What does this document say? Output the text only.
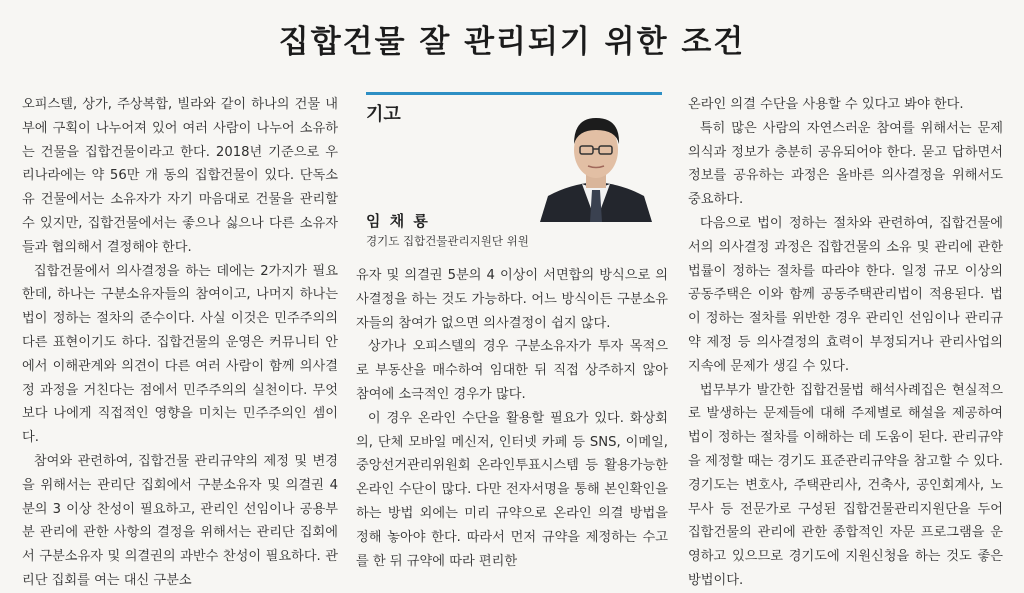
집합건물 잘 관리되기 위한 조건

오피스텔, 상가, 주상복합, 빌라와 같이 하나의 건물 내부에 구획이 나누어져 있어 여러 사람이 나누어 소유하는 건물을 집합건물이라고 한다. 2018년 기준으로 우리나라에는 약 56만 개 동의 집합건물이 있다. 단독소유 건물에서는 소유자가 자기 마음대로 건물을 관리할 수 있지만, 집합건물에서는 좋으나 싫으나 다른 소유자들과 협의해서 결정해야 한다.

집합건물에서 의사결정을 하는 데에는 2가지가 필요한데, 하나는 구분소유자들의 참여이고, 나머지 하나는 법이 정하는 절차의 준수이다. 사실 이것은 민주주의의 다른 표현이기도 하다. 집합건물의 운영은 커뮤니티 안에서 이해관계와 의견이 다른 여러 사람이 함께 의사결정 과정을 거친다는 점에서 민주주의의 실천이다. 무엇보다 나에게 직접적인 영향을 미치는 민주주의인 셈이다.

참여와 관련하여, 집합건물 관리규약의 제정 및 변경을 위해서는 관리단 집회에서 구분소유자 및 의결권 4분의 3 이상 찬성이 필요하고, 관리인 선임이나 공용부분 관리에 관한 사항의 결정을 위해서는 관리단 집회에서 구분소유자 및 의결권의 과반수 찬성이 필요하다. 관리단 집회를 여는 대신 구분소

기고
임 채 룡
경기도 집합건물관리지원단 위원

유자 및 의결권 5분의 4 이상이 서면합의 방식으로 의사결정을 하는 것도 가능하다. 어느 방식이든 구분소유자들의 참여가 없으면 의사결정이 쉽지 않다.

상가나 오피스텔의 경우 구분소유자가 투자 목적으로 부동산을 매수하여 임대한 뒤 직접 상주하지 않아 참여에 소극적인 경우가 많다.

이 경우 온라인 수단을 활용할 필요가 있다. 화상회의, 단체 모바일 메신저, 인터넷 카페 등 SNS, 이메일, 중앙선거관리위원회 온라인투표시스템 등 활용가능한 온라인 수단이 많다. 다만 전자서명을 통해 본인확인을 하는 방법 외에는 미리 규약으로 온라인 의결 방법을 정해 놓아야 한다. 따라서 먼저 규약을 제정하는 수고를 한 뒤 규약에 따라 편리한

온라인 의결 수단을 사용할 수 있다고 봐야 한다.

특히 많은 사람의 자연스러운 참여를 위해서는 문제의식과 정보가 충분히 공유되어야 한다. 묻고 답하면서 정보를 공유하는 과정은 올바른 의사결정을 위해서도 중요하다.

다음으로 법이 정하는 절차와 관련하여, 집합건물에서의 의사결정 과정은 집합건물의 소유 및 관리에 관한 법률이 정하는 절차를 따라야 한다. 일정 규모 이상의 공동주택은 이와 함께 공동주택관리법이 적용된다. 법이 정하는 절차를 위반한 경우 관리인 선임이나 관리규약 제정 등 의사결정의 효력이 부정되거나 관리사업의 지속에 문제가 생길 수 있다.

법무부가 발간한 집합건물법 해석사례집은 현실적으로 발생하는 문제들에 대해 주제별로 해설을 제공하여 법이 정하는 절차를 이해하는 데 도움이 된다. 관리규약을 제정할 때는 경기도 표준관리규약을 참고할 수 있다. 경기도는 변호사, 주택관리사, 건축사, 공인회계사, 노무사 등 전문가로 구성된 집합건물관리지원단을 두어 집합건물의 관리에 관한 종합적인 자문 프로그램을 운영하고 있으므로 경기도에 지원신청을 하는 것도 좋은 방법이다.
